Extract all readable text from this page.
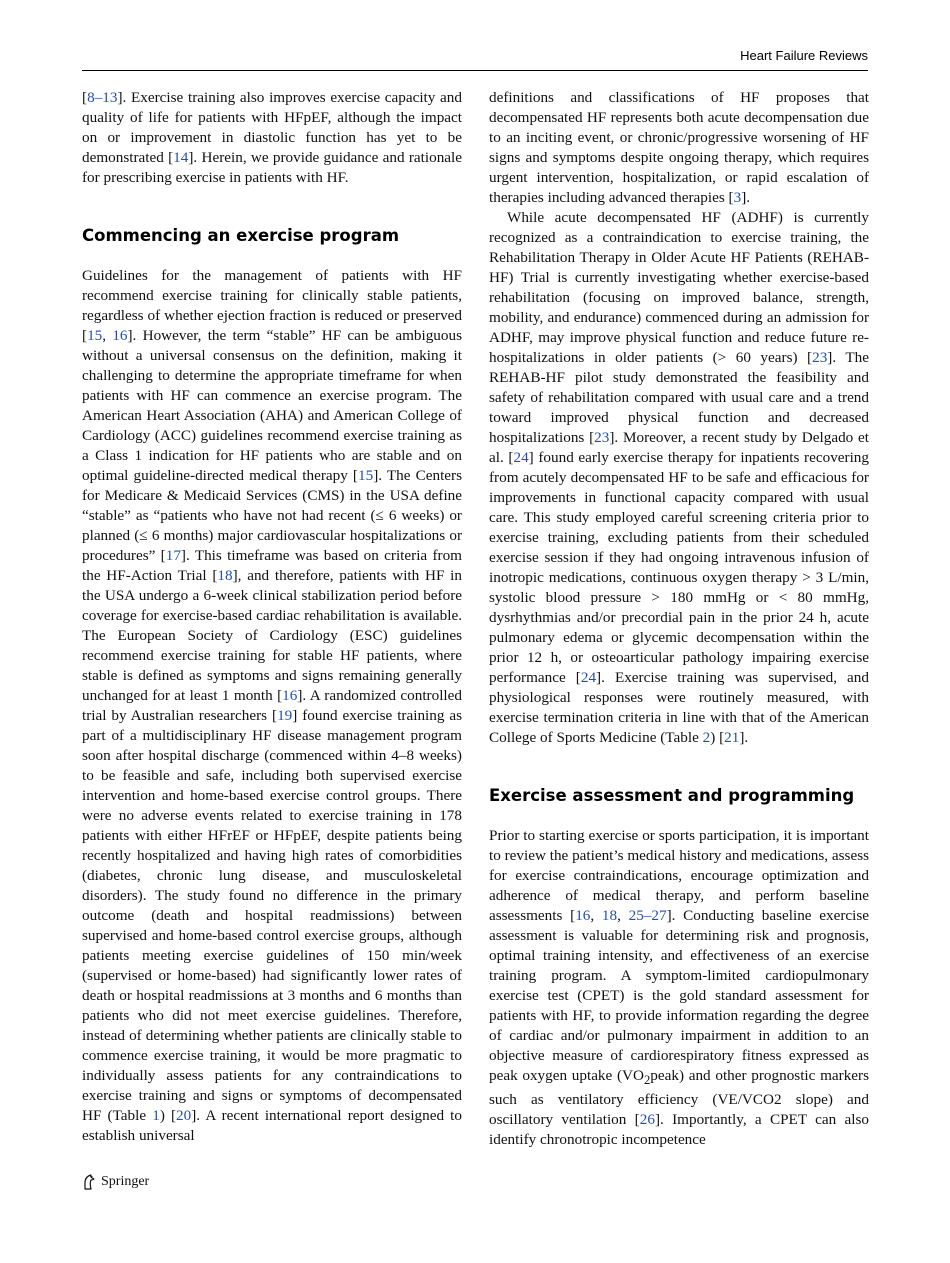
Heart Failure Reviews

[8–13]. Exercise training also improves exercise capacity and quality of life for patients with HFpEF, although the impact on or improvement in diastolic function has yet to be demonstrated [14]. Herein, we provide guidance and rationale for prescribing exercise in patients with HF.

Commencing an exercise program

Guidelines for the management of patients with HF recommend exercise training for clinically stable patients, regardless of whether ejection fraction is reduced or preserved [15, 16]. However, the term “stable” HF can be ambiguous without a universal consensus on the definition, making it challenging to determine the appropriate timeframe for when patients with HF can commence an exercise program. The American Heart Association (AHA) and American College of Cardiology (ACC) guidelines recommend exercise training as a Class 1 indication for HF patients who are stable and on optimal guideline-directed medical therapy [15]. The Centers for Medicare & Medicaid Services (CMS) in the USA define “stable” as “patients who have not had recent (≤ 6 weeks) or planned (≤ 6 months) major cardiovascular hospitalizations or procedures” [17]. This timeframe was based on criteria from the HF-Action Trial [18], and therefore, patients with HF in the USA undergo a 6-week clinical stabilization period before coverage for exercise-based cardiac rehabilitation is available. The European Society of Cardiology (ESC) guidelines recommend exercise training for stable HF patients, where stable is defined as symptoms and signs remaining generally unchanged for at least 1 month [16]. A randomized controlled trial by Australian researchers [19] found exercise training as part of a multidisciplinary HF disease management program soon after hospital discharge (commenced within 4–8 weeks) to be feasible and safe, including both supervised exercise intervention and home-based exercise control groups. There were no adverse events related to exercise training in 178 patients with either HFrEF or HFpEF, despite patients being recently hospitalized and having high rates of comorbidities (diabetes, chronic lung disease, and musculoskeletal disorders). The study found no difference in the primary outcome (death and hospital readmissions) between supervised and home-based control exercise groups, although patients meeting exercise guidelines of 150 min/week (supervised or home-based) had significantly lower rates of death or hospital readmissions at 3 months and 6 months than patients who did not meet exercise guidelines. Therefore, instead of determining whether patients are clinically stable to commence exercise training, it would be more pragmatic to individually assess patients for any contraindications to exercise training and signs or symptoms of decompensated HF (Table 1) [20]. A recent international report designed to establish universal

definitions and classifications of HF proposes that decompensated HF represents both acute decompensation due to an inciting event, or chronic/progressive worsening of HF signs and symptoms despite ongoing therapy, which requires urgent intervention, hospitalization, or rapid escalation of therapies including advanced therapies [3].

While acute decompensated HF (ADHF) is currently recognized as a contraindication to exercise training, the Rehabilitation Therapy in Older Acute HF Patients (REHAB-HF) Trial is currently investigating whether exercise-based rehabilitation (focusing on improved balance, strength, mobility, and endurance) commenced during an admission for ADHF, may improve physical function and reduce future re-hospitalizations in older patients (> 60 years) [23]. The REHAB-HF pilot study demonstrated the feasibility and safety of rehabilitation compared with usual care and a trend toward improved physical function and decreased hospitalizations [23]. Moreover, a recent study by Delgado et al. [24] found early exercise therapy for inpatients recovering from acutely decompensated HF to be safe and efficacious for improvements in functional capacity compared with usual care. This study employed careful screening criteria prior to exercise training, excluding patients from their scheduled exercise session if they had ongoing intravenous infusion of inotropic medications, continuous oxygen therapy > 3 L/min, systolic blood pressure > 180 mmHg or < 80 mmHg, dysrhythmias and/or precordial pain in the prior 24 h, acute pulmonary edema or glycemic decompensation within the prior 12 h, or osteoarticular pathology impairing exercise performance [24]. Exercise training was supervised, and physiological responses were routinely measured, with exercise termination criteria in line with that of the American College of Sports Medicine (Table 2) [21].

Exercise assessment and programming

Prior to starting exercise or sports participation, it is important to review the patient’s medical history and medications, assess for exercise contraindications, encourage optimization and adherence of medical therapy, and perform baseline assessments [16, 18, 25–27]. Conducting baseline exercise assessment is valuable for determining risk and prognosis, optimal training intensity, and effectiveness of an exercise training program. A symptom-limited cardiopulmonary exercise test (CPET) is the gold standard assessment for patients with HF, to provide information regarding the degree of cardiac and/or pulmonary impairment in addition to an objective measure of cardiorespiratory fitness expressed as peak oxygen uptake $(VO_2peak)$ and other prognostic markers such as ventilatory efficiency (VE/VCO2 slope) and oscillatory ventilation [26]. Importantly, a CPET can also identify chronotropic incompetence

Springer
